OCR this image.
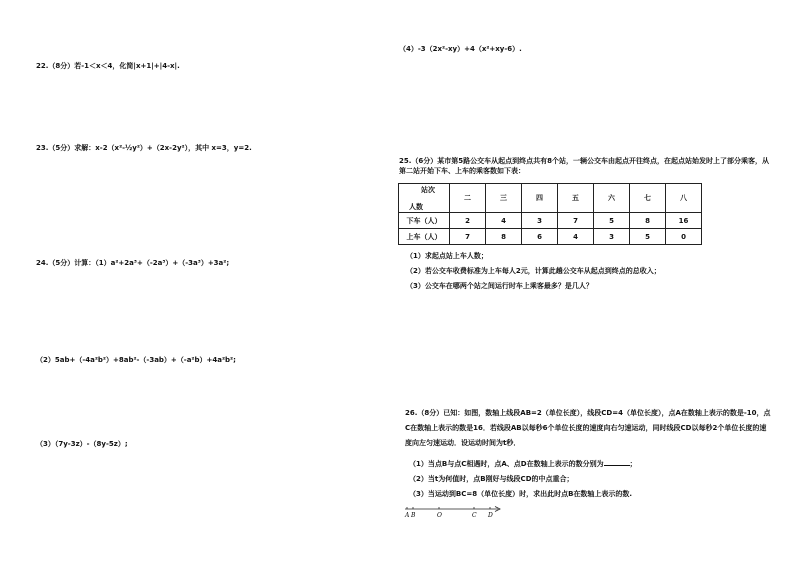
22.（8分）若-1＜x＜4，化简|x+1|+|4-x|.
23.（5分）求解：x-2（x²-½y²）+（2x-2y²），其中 x=3，y=2.
24.（5分）计算：（1）a²+2a³+（-2a³）+（-3a³）+3a²;
（2）5ab+（-4a²b²）+8ab²-（-3ab）+（-a²b）+4a²b²;
（3）（7y-3z）-（8y-5z）;
（4）-3（2x²-xy）+4（x²+xy-6）.
25.（6分）某市第5路公交车从起点到终点共有8个站，一辆公交车由起点开往终点，在起点站始发时上了部分乘客，从第二站开始下车、上车的乘客数如下表：
站次
人数	二	三	四	五	六	七	八
下车（人）	2	4	3	7	5	8	16
上车（人）	7	8	6	4	3	5	0
（1）求起点站上车人数；
（2）若公交车收费标准为上车每人2元，计算此趟公交车从起点到终点的总收入；
（3）公交车在哪两个站之间运行时车上乘客最多？是几人？
26.（8分）已知：如图，数轴上线段AB=2（单位长度），线段CD=4（单位长度），点A在数轴上表示的数是-10，点C在数轴上表示的数是16．若线段AB以每秒6个单位长度的速度向右匀速运动，同时线段CD以每秒2个单位长度的速度向左匀速运动．设运动时间为t秒．
（1）当点B与点C相遇时，点A、点D在数轴上表示的数分别为	；
（2）当t为何值时，点B刚好与线段CD的中点重合；
（3）当运动到BC=8（单位长度）时，求出此时点B在数轴上表示的数.
A B	O	C D
